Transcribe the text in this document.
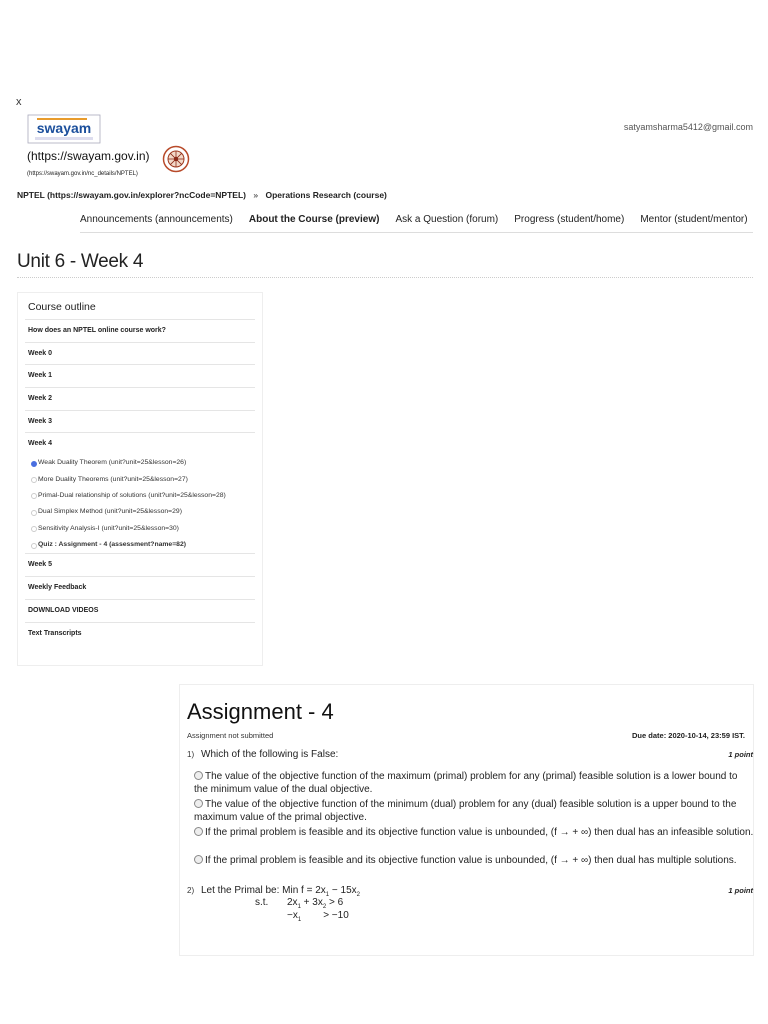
x
swayam	satyamsharma5412@gmail.com
(https://swayam.gov.in)
(https://swayam.gov.in/nc_details/NPTEL)
NPTEL (https://swayam.gov.in/explorer?ncCode=NPTEL) » Operations Research (course)
Announcements (announcements) About the Course (preview) Ask a Question (forum) Progress (student/home) Mentor (student/mentor)
Unit 6 - Week 4
Course outline
How does an NPTEL online course work?
Week 0
Week 1
Week 2
Week 3
Week 4
Weak Duality Theorem (unit?unit=25&lesson=26)
More Duality Theorems (unit?unit=25&lesson=27)
Primal-Dual relationship of solutions (unit?unit=25&lesson=28)
Dual Simplex Method (unit?unit=25&lesson=29)
Sensitivity Analysis-I (unit?unit=25&lesson=30)
Quiz : Assignment - 4 (assessment?name=82)
Week 5
Weekly Feedback
DOWNLOAD VIDEOS
Text Transcripts
Assignment - 4
Assignment not submitted	Due date: 2020-10-14, 23:59 IST.
1) Which of the following is False:	1 point
The value of the objective function of the maximum (primal) problem for any (primal) feasible solution is a lower bound to the minimum value of the dual objective.
The value of the objective function of the minimum (dual) problem for any (dual) feasible solution is a upper bound to the maximum value of the primal objective.
If the primal problem is feasible and its objective function value is unbounded, (f → + ∞) then dual has an infeasible solution.
If the primal problem is feasible and its objective function value is unbounded, (f → + ∞) then dual has multiple solutions.
2) Let the Primal be: Min $f = 2x_1 - 15x_2$	1 point
s.t. $2x_1 + 3x_2 > 6$
$-x_1 > -10$
